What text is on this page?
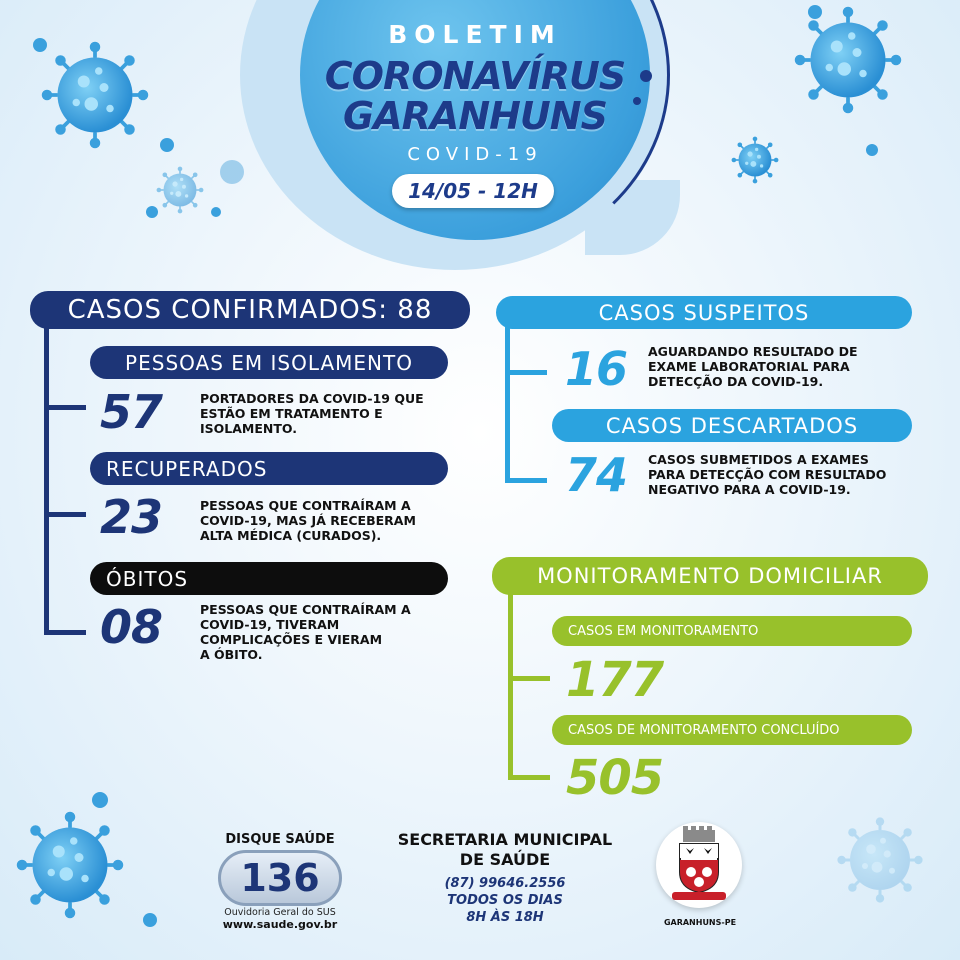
BOLETIM
CORONAVÍRUS
GARANHUNS
COVID-19
14/05 - 12H
CASOS CONFIRMADOS: 88
PESSOAS EM ISOLAMENTO
57	PORTADORES DA COVID-19 QUE
ESTÃO EM TRATAMENTO E
ISOLAMENTO.
RECUPERADOS
23	PESSOAS QUE CONTRAÍRAM A
COVID-19, MAS JÁ RECEBERAM
ALTA MÉDICA (CURADOS).
ÓBITOS
08	PESSOAS QUE CONTRAÍRAM A
COVID-19, TIVERAM
COMPLICAÇÕES E VIERAM
A ÓBITO.
CASOS SUSPEITOS
16 AGUARDANDO RESULTADO DE
EXAME LABORATORIAL PARA
DETECÇÃO DA COVID-19.
CASOS DESCARTADOS
74 CASOS SUBMETIDOS A EXAMES
PARA DETECÇÃO COM RESULTADO
NEGATIVO PARA A COVID-19.
MONITORAMENTO DOMICILIAR
CASOS EM MONITORAMENTO
177
CASOS DE MONITORAMENTO CONCLUÍDO
505
DISQUE SAÚDE
136
Ouvidoria Geral do SUS
www.saude.gov.br
SECRETARIA MUNICIPAL
DE SAÚDE
(87) 99646.2556
TODOS OS DIAS
8H ÀS 18H	GARANHUNS-PE
